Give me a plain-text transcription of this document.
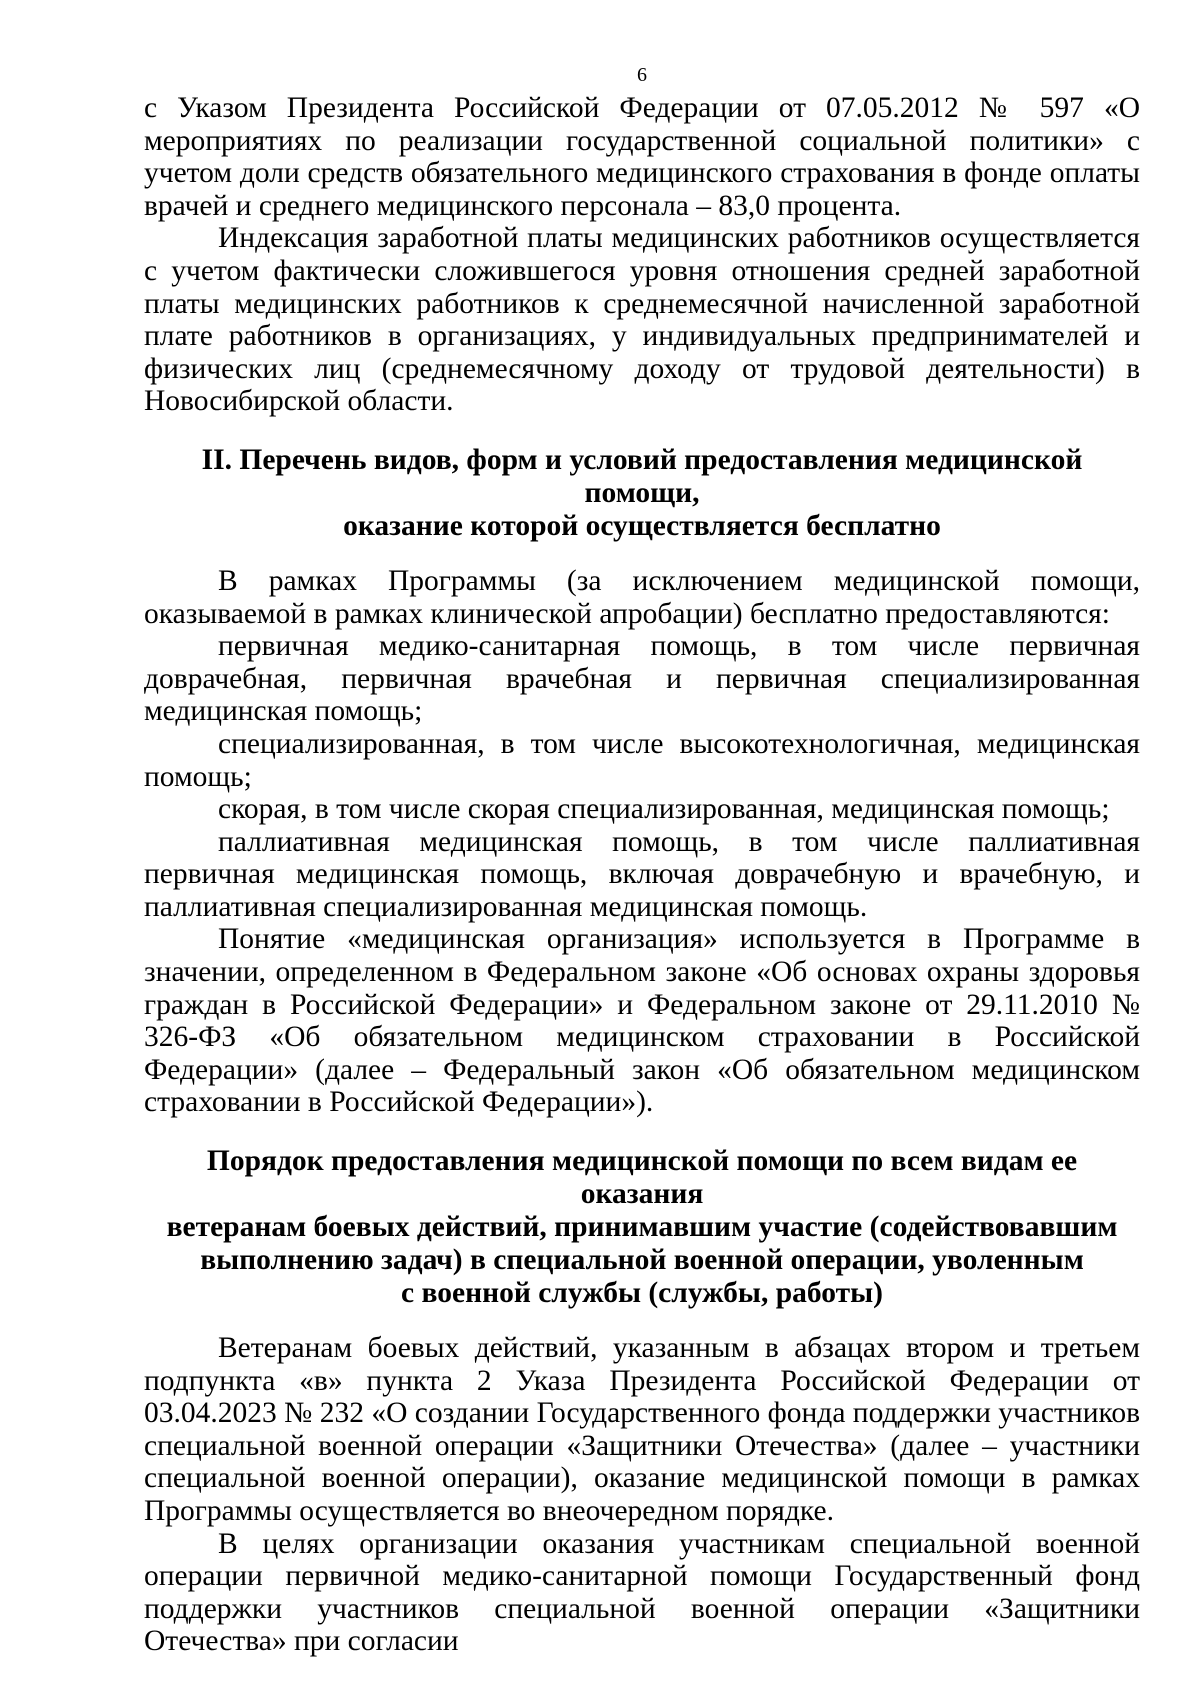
6

с Указом Президента Российской Федерации от 07.05.2012 № 597 «О мероприятиях по реализации государственной социальной политики» с учетом доли средств обязательного медицинского страхования в фонде оплаты врачей и среднего медицинского персонала – 83,0 процента.

Индексация заработной платы медицинских работников осуществляется с учетом фактически сложившегося уровня отношения средней заработной платы медицинских работников к среднемесячной начисленной заработной плате работников в организациях, у индивидуальных предпринимателей и физических лиц (среднемесячному доходу от трудовой деятельности) в Новосибирской области.

II. Перечень видов, форм и условий предоставления медицинской помощи,
оказание которой осуществляется бесплатно

В рамках Программы (за исключением медицинской помощи, оказываемой в рамках клинической апробации) бесплатно предоставляются:

первичная медико-санитарная помощь, в том числе первичная доврачебная, первичная врачебная и первичная специализированная медицинская помощь;

специализированная, в том числе высокотехнологичная, медицинская помощь;

скорая, в том числе скорая специализированная, медицинская помощь;

паллиативная медицинская помощь, в том числе паллиативная первичная медицинская помощь, включая доврачебную и врачебную, и паллиативная специализированная медицинская помощь.

Понятие «медицинская организация» используется в Программе в значении, определенном в Федеральном законе «Об основах охраны здоровья граждан в Российской Федерации» и Федеральном законе от 29.11.2010 № 326-ФЗ «Об обязательном медицинском страховании в Российской Федерации» (далее – Федеральный закон «Об обязательном медицинском страховании в Российской Федерации»).

Порядок предоставления медицинской помощи по всем видам ее оказания
ветеранам боевых действий, принимавшим участие (содействовавшим
выполнению задач) в специальной военной операции, уволенным
с военной службы (службы, работы)

Ветеранам боевых действий, указанным в абзацах втором и третьем подпункта «в» пункта 2 Указа Президента Российской Федерации от 03.04.2023 № 232 «О создании Государственного фонда поддержки участников специальной военной операции «Защитники Отечества» (далее – участники специальной военной операции), оказание медицинской помощи в рамках Программы осуществляется во внеочередном порядке.

В целях организации оказания участникам специальной военной операции первичной медико-санитарной помощи Государственный фонд поддержки участников специальной военной операции «Защитники Отечества» при согласии
